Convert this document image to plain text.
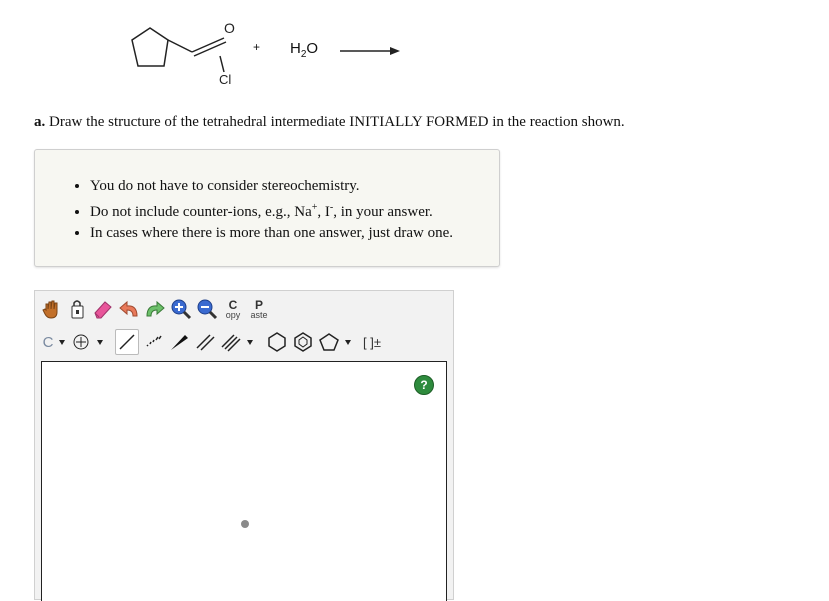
O
Cl
+ $H_2O$
a. Draw the structure of the tetrahedral intermediate INITIALLY FORMED in the reaction shown.
• You do not have to consider stereochemistry.
• Do not include counter-ions, e.g., Na+, I-, in your answer.
• In cases where there is more than one answer, just draw one.
C
opy
P
aste
C	[ ]±
?
